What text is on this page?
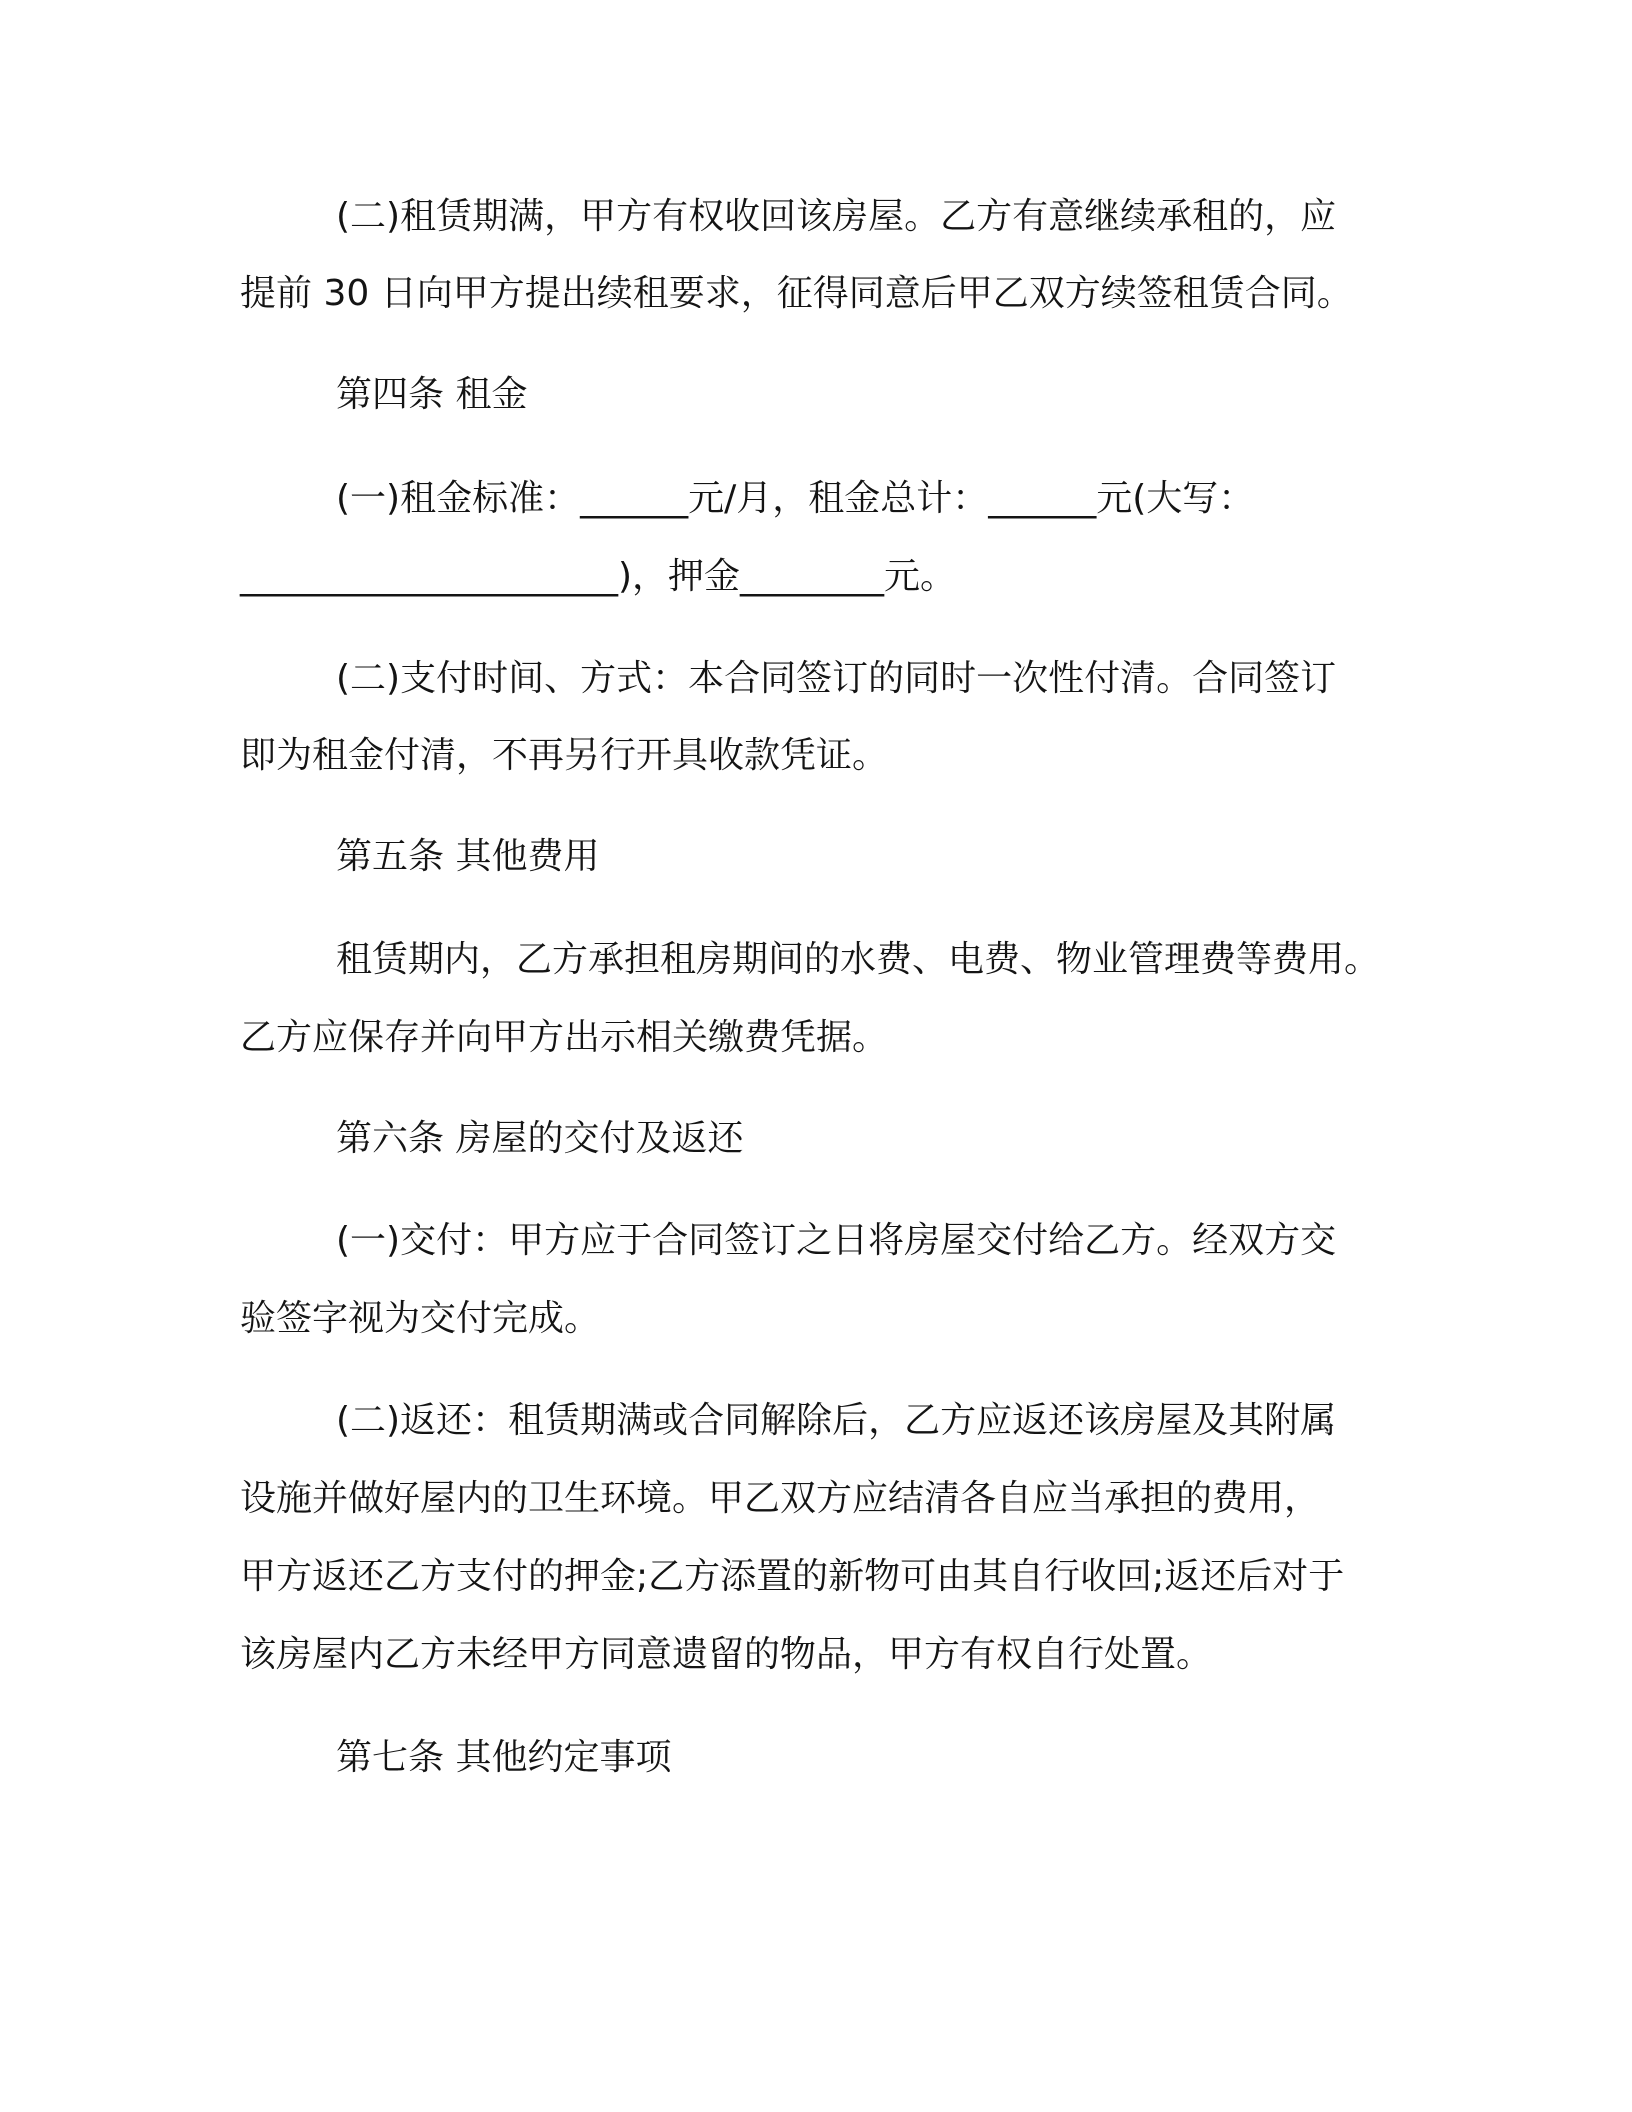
(二)租赁期满，甲方有权收回该房屋。乙方有意继续承租的，应
提前 30 日向甲方提出续租要求，征得同意后甲乙双方续签租赁合同。
第四条 租金
(一)租金标准：______元/月，租金总计：______元(大写：
_____________________)，押金________元。
(二)支付时间、方式：本合同签订的同时一次性付清。合同签订
即为租金付清，不再另行开具收款凭证。
第五条 其他费用
租赁期内，乙方承担租房期间的水费、电费、物业管理费等费用。
乙方应保存并向甲方出示相关缴费凭据。
第六条 房屋的交付及返还
(一)交付：甲方应于合同签订之日将房屋交付给乙方。经双方交
验签字视为交付完成。
(二)返还：租赁期满或合同解除后，乙方应返还该房屋及其附属
设施并做好屋内的卫生环境。甲乙双方应结清各自应当承担的费用，
甲方返还乙方支付的押金;乙方添置的新物可由其自行收回;返还后对于
该房屋内乙方未经甲方同意遗留的物品，甲方有权自行处置。
第七条 其他约定事项
